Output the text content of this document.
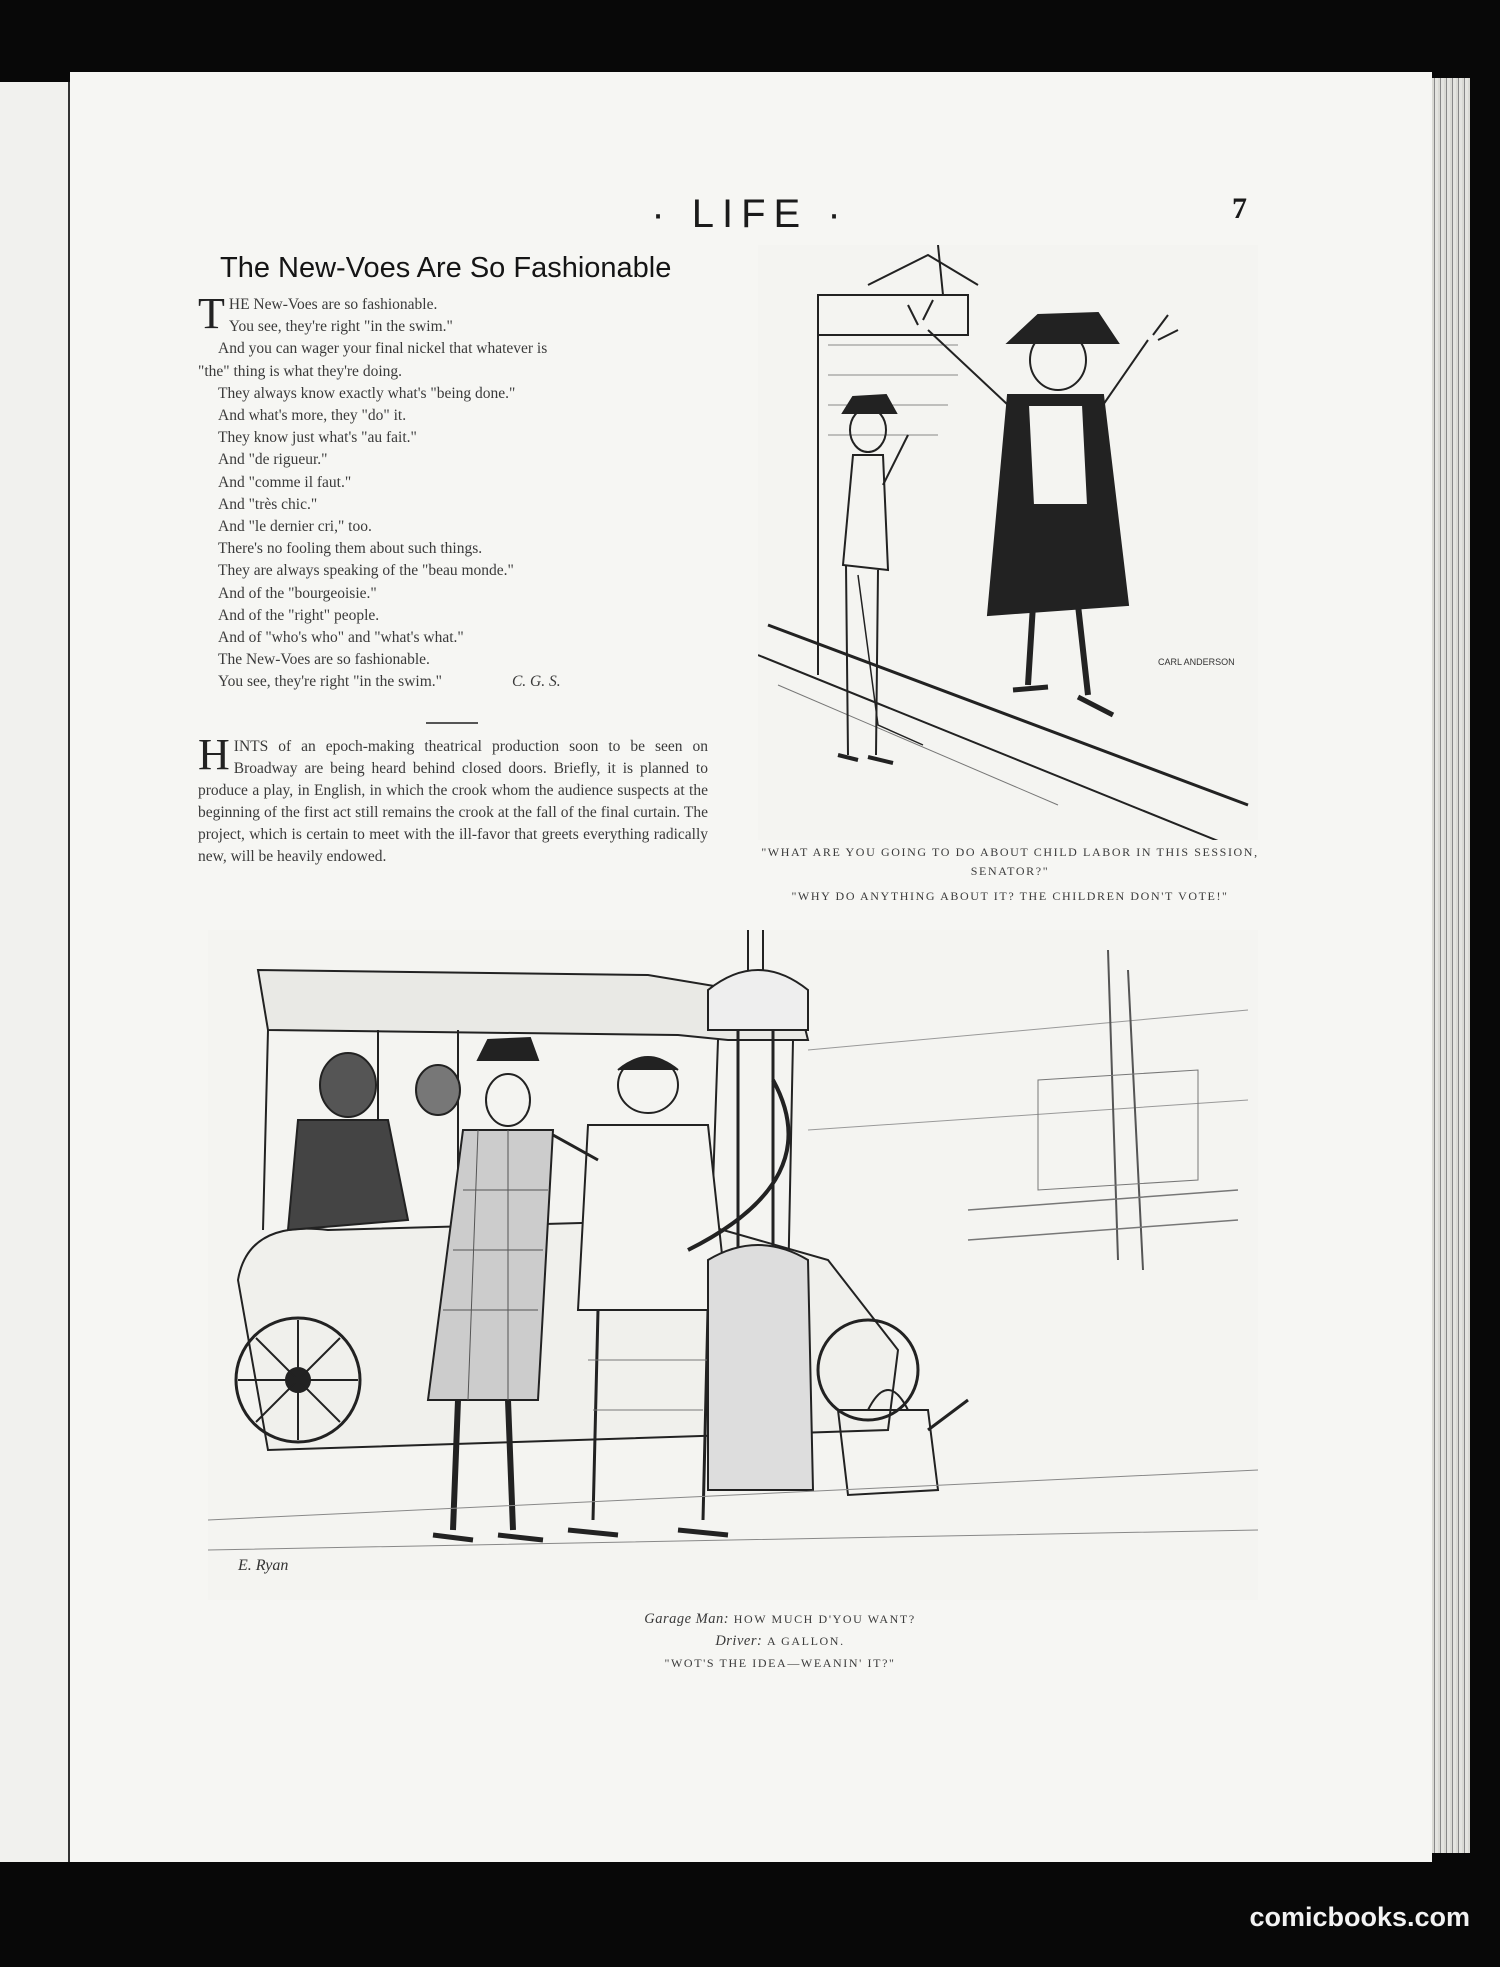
· LIFE ·	7
The New-Voes Are So Fashionable
THE New-Voes are so fashionable.
You see, they're right "in the swim."
And you can wager your final nickel that whatever is
"the" thing is what they're doing.
They always know exactly what's "being done."
And what's more, they "do" it.
They know just what's "au fait."
And "de rigueur."
And "comme il faut."
And "très chic."
And "le dernier cri," too.
There's no fooling them about such things.
They are always speaking of the "beau monde."
And of the "bourgeoisie."
And of the "right" people.
And of "who's who" and "what's what."
The New-Voes are so fashionable.
You see, they're right "in the swim."	C. G. S.
HINTS of an epoch-making theatrical production soon to be seen on Broadway are being heard behind closed doors. Briefly, it is planned to produce a play, in English, in which the crook whom the audience suspects at the beginning of the first act still remains the crook at the fall of the final curtain. The project, which is certain to meet with the ill-favor that greets everything radically new, will be heavily endowed.
CARL ANDERSON
"WHAT ARE YOU GOING TO DO ABOUT CHILD LABOR IN THIS SESSION, SENATOR?"
"WHY DO ANYTHING ABOUT IT? THE CHILDREN DON'T VOTE!"
E. Ryan
Garage Man: HOW MUCH D'YOU WANT?
Driver: A GALLON.
"WOT'S THE IDEA—WEANIN' IT?"
comicbooks.com
